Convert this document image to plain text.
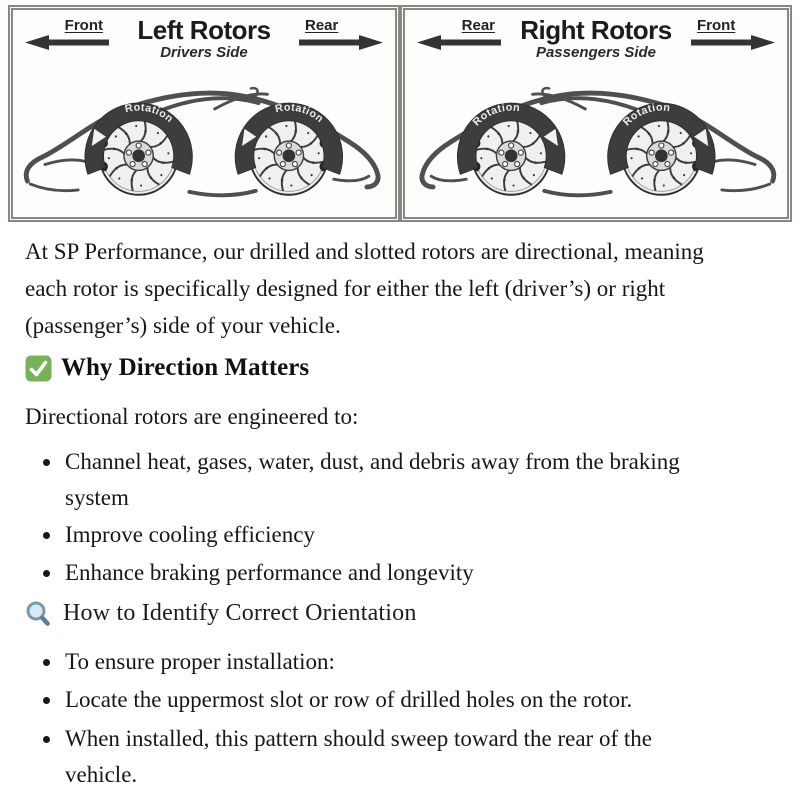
Front	Left Rotors
Drivers Side
Rear	Rear Right Rotors
Passengers Side
Front

At SP Performance, our drilled and slotted rotors are directional, meaning each rotor is specifically designed for either the left (driver’s) or right (passenger’s) side of your vehicle.

Why Direction Matters

Directional rotors are engineered to:

• Channel heat, gases, water, dust, and debris away from the braking system
• Improve cooling efficiency
• Enhance braking performance and longevity
How to Identify Correct Orientation
• To ensure proper installation:
• Locate the uppermost slot or row of drilled holes on the rotor.
• When installed, this pattern should sweep toward the rear of the vehicle.
